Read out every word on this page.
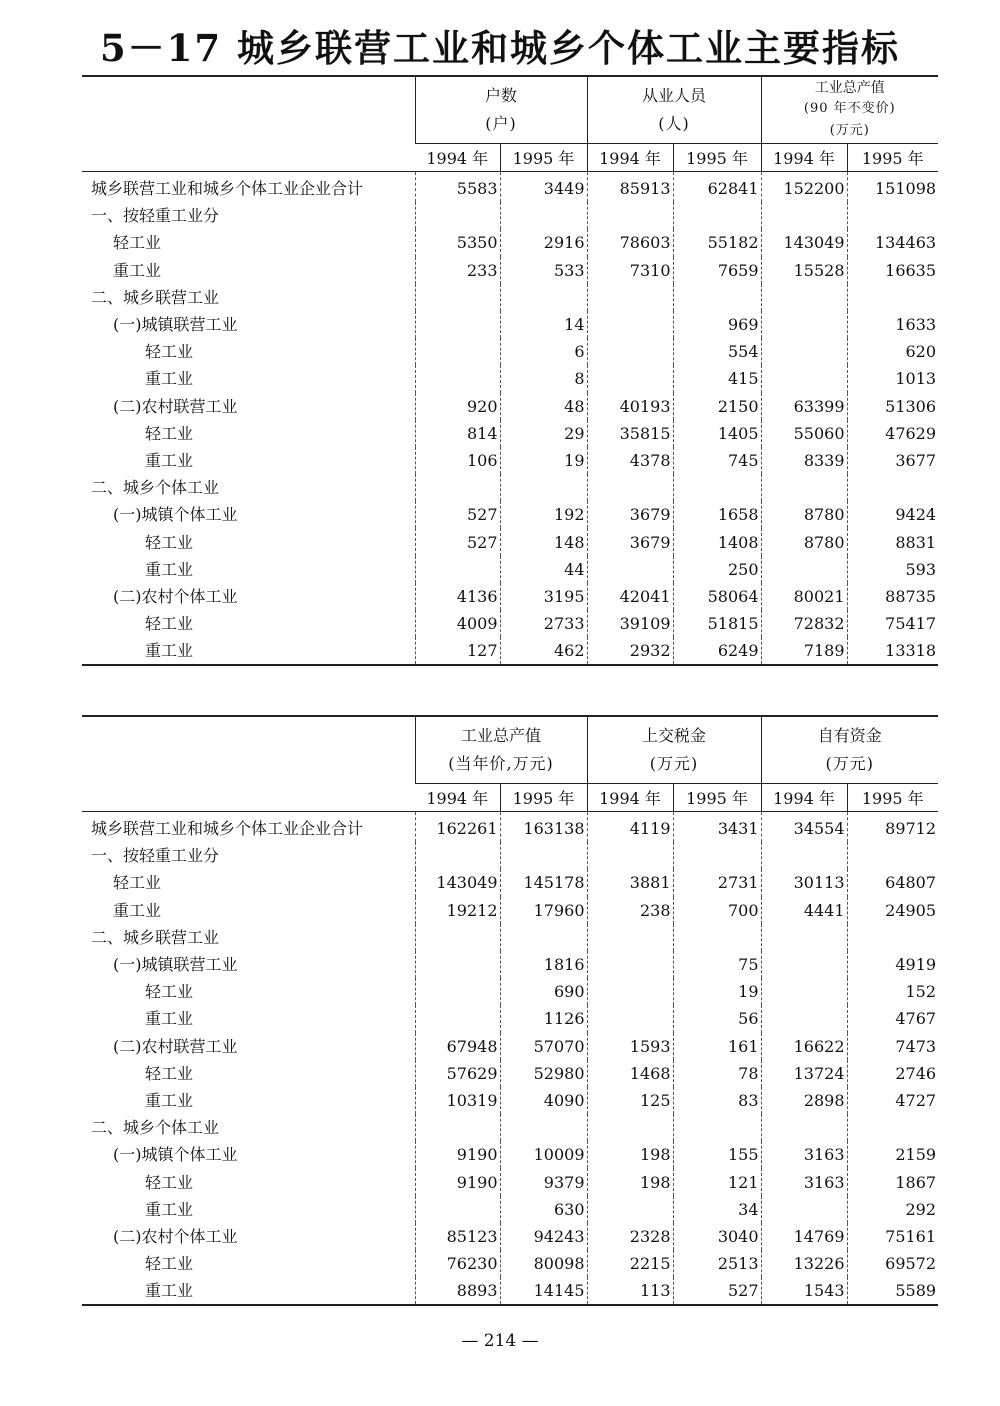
5－17 城乡联营工业和城乡个体工业主要指标

	户数
(户)		从业人员
(人)		工业总产值
(90 年不变价)
(万元)	

	1994 年	1995 年	1994 年	1995 年	1994 年	1995 年
城乡联营工业和城乡个体工业企业合计	5583	3449	85913	62841	152200	151098
一、按轻重工业分						
轻工业	5350	2916	78603	55182	143049	134463
重工业	233	533	7310	7659	15528	16635
二、城乡联营工业						
(一)城镇联营工业		14		969		1633
轻工业		6		554		620
重工业		8		415		1013
(二)农村联营工业	920	48	40193	2150	63399	51306
轻工业	814	29	35815	1405	55060	47629
重工业	106	19	4378	745	8339	3677
二、城乡个体工业						
(一)城镇个体工业	527	192	3679	1658	8780	9424
轻工业	527	148	3679	1408	8780	8831
重工业		44		250		593
(二)农村个体工业	4136	3195	42041	58064	80021	88735
轻工业	4009	2733	39109	51815	72832	75417
重工业	127	462	2932	6249	7189	13318

	工业总产值
(当年价,万元)		上交税金
(万元)		自有资金
(万元)	

	1994 年	1995 年	1994 年	1995 年	1994 年	1995 年
城乡联营工业和城乡个体工业企业合计	162261	163138	4119	3431	34554	89712
一、按轻重工业分						
轻工业	143049	145178	3881	2731	30113	64807
重工业	19212	17960	238	700	4441	24905
二、城乡联营工业						
(一)城镇联营工业		1816		75		4919
轻工业		690		19		152
重工业		1126		56		4767
(二)农村联营工业	67948	57070	1593	161	16622	7473
轻工业	57629	52980	1468	78	13724	2746
重工业	10319	4090	125	83	2898	4727
二、城乡个体工业						
(一)城镇个体工业	9190	10009	198	155	3163	2159
轻工业	9190	9379	198	121	3163	1867
重工业		630		34		292
(二)农村个体工业	85123	94243	2328	3040	14769	75161
轻工业	76230	80098	2215	2513	13226	69572
重工业	8893	14145	113	527	1543	5589
— 214 —
